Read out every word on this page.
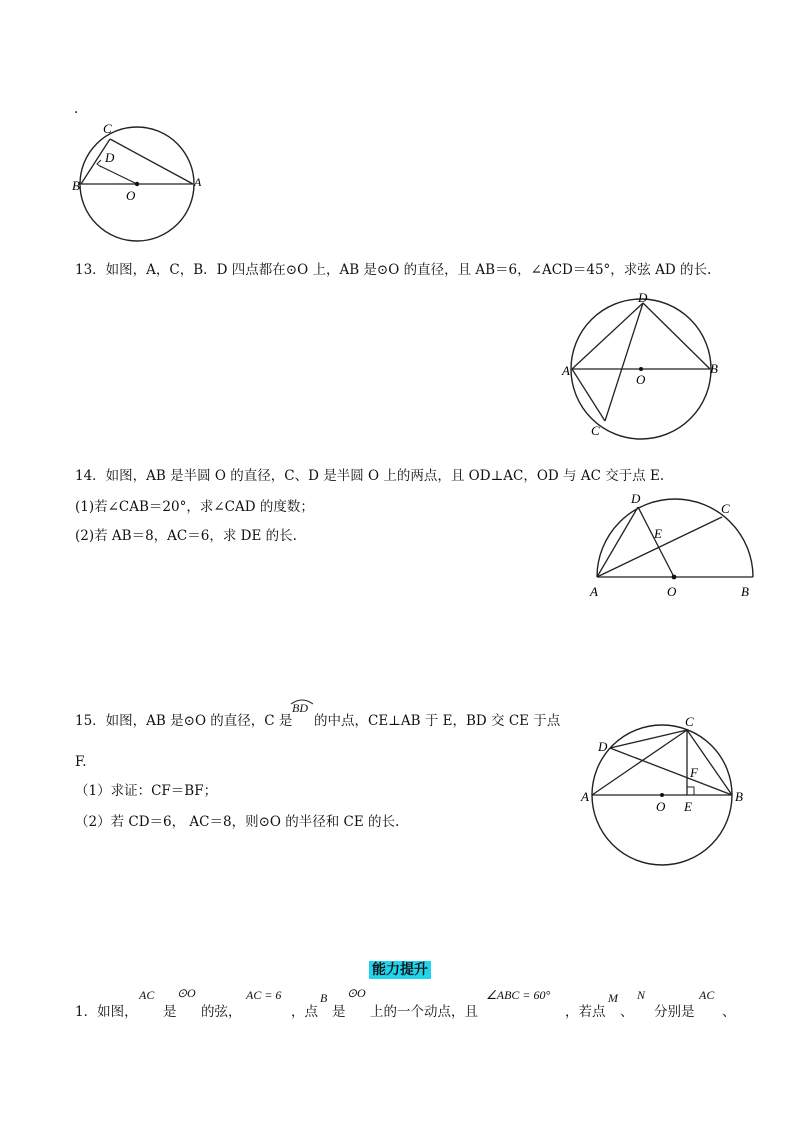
.
C
D
B
O
A
13．如图，A，C，B．D 四点都在⊙O 上，AB 是⊙O 的直径，且 AB＝6，∠ACD＝45°，求弦 AD 的长.
D
A
O
B
C
14．如图，AB 是半圆 O 的直径，C、D 是半圆 O 上的两点，且 OD⊥AC，OD 与 AC 交于点 E.
(1)若∠CAB＝20°，求∠CAD 的度数；
(2)若 AB＝8，AC＝6，求 DE 的长.
D
C
E
A	O	B
15．如图，AB 是⊙O 的直径，C 是
BD
的中点，CE⊥AB 于 E，BD 交 CE 于点
F.
（1）求证：CF＝BF；
（2）若 CD＝6， AC＝8，则⊙O 的半径和 CE 的长.
C
D
F
A
O E
B
能力提升
1．如图，
AC
是
⊙O
的弦，
AC = 6
，点
B
是
⊙O
上的一个动点，且
∠ABC = 60°
，若点
M
、
N
分别是
AC
、
